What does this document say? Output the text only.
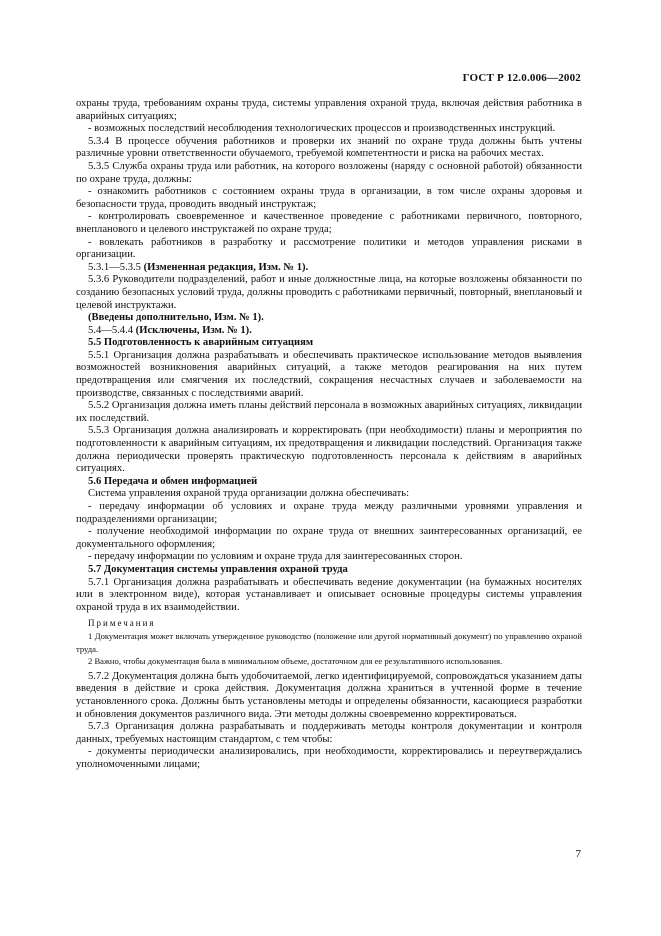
ГОСТ Р 12.0.006—2002

охраны труда, требованиям охраны труда, системы управления охраной труда, включая действия работника в аварийных ситуациях;

- возможных последствий несоблюдения технологических процессов и производственных инструкций.

5.3.4 В процессе обучения работников и проверки их знаний по охране труда должны быть учтены различные уровни ответственности обучаемого, требуемой компетентности и риска на рабочих местах.

5.3.5 Служба охраны труда или работник, на которого возложены (наряду с основной работой) обязанности по охране труда, должны:

- ознакомить работников с состоянием охраны труда в организации, в том числе охраны здоровья и безопасности труда, проводить вводный инструктаж;

- контролировать своевременное и качественное проведение с работниками первичного, повторного, внепланового и целевого инструктажей по охране труда;

- вовлекать работников в разработку и рассмотрение политики и методов управления рисками в организации.

5.3.1—5.3.5 (Измененная редакция, Изм. № 1).

5.3.6 Руководители подразделений, работ и иные должностные лица, на которые возложены обязанности по созданию безопасных условий труда, должны проводить с работниками первичный, повторный, внеплановый и целевой инструктажи.

(Введены дополнительно, Изм. № 1).

5.4—5.4.4 (Исключены, Изм. № 1).

5.5 Подготовленность к аварийным ситуациям

5.5.1 Организация должна разрабатывать и обеспечивать практическое использование методов выявления возможностей возникновения аварийных ситуаций, а также методов реагирования на них путем предотвращения или смягчения их последствий, сокращения несчастных случаев и заболеваемости на производстве, связанных с последствиями аварий.

5.5.2 Организация должна иметь планы действий персонала в возможных аварийных ситуациях, ликвидации их последствий.

5.5.3 Организация должна анализировать и корректировать (при необходимости) планы и мероприятия по подготовленности к аварийным ситуациям, их предотвращения и ликвидации последствий. Организация также должна периодически проверять практическую подготовленность персонала к действиям в аварийных ситуациях.

5.6 Передача и обмен информацией

Система управления охраной труда организации должна обеспечивать:

- передачу информации об условиях и охране труда между различными уровнями управления и подразделениями организации;

- получение необходимой информации по охране труда от внешних заинтересованных организаций, ее документального оформления;

- передачу информации по условиям и охране труда для заинтересованных сторон.

5.7 Документация системы управления охраной труда

5.7.1 Организация должна разрабатывать и обеспечивать ведение документации (на бумажных носителях или в электронном виде), которая устанавливает и описывает основные процедуры системы управления охраной труда в их взаимодействии.

Примечания

1 Документация может включать утвержденное руководство (положение или другой нормативный документ) по управлению охраной труда.

2 Важно, чтобы документация была в минимальном объеме, достаточном для ее результативного использования.

5.7.2 Документация должна быть удобочитаемой, легко идентифицируемой, сопровождаться указанием даты введения в действие и срока действия. Документация должна храниться в учтенной форме в течение установленного срока. Должны быть установлены методы и определены обязанности, касающиеся разработки и обновления документов различного вида. Эти методы должны своевременно корректироваться.

5.7.3 Организация должна разрабатывать и поддерживать методы контроля документации и контроля данных, требуемых настоящим стандартом, с тем чтобы:

- документы периодически анализировались, при необходимости, корректировались и перeутверждались уполномоченными лицами;

7
